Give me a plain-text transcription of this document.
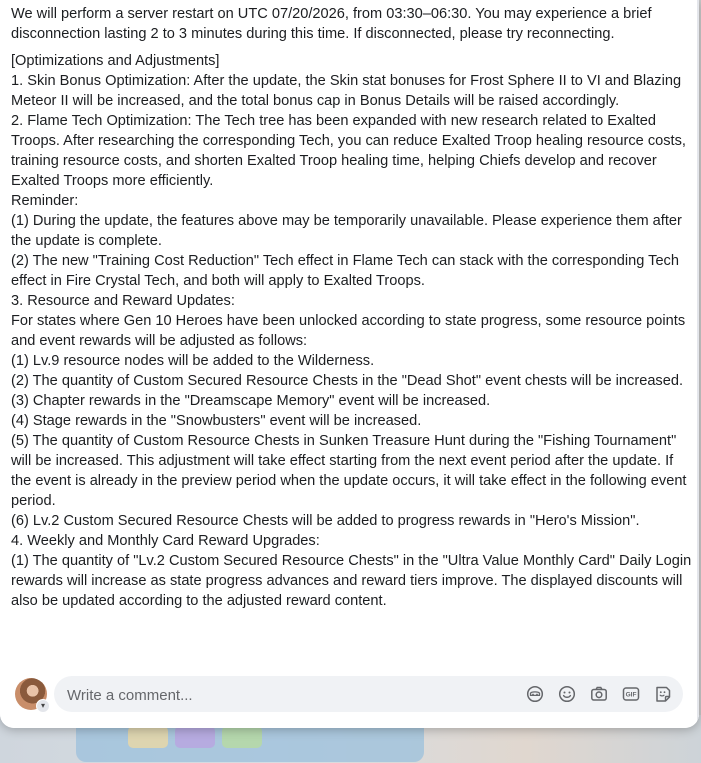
We will perform a server restart on UTC 07/20/2026, from 03:30–06:30. You may experience a brief disconnection lasting 2 to 3 minutes during this time. If disconnected, please try reconnecting.

[Optimizations and Adjustments]

1. Skin Bonus Optimization: After the update, the Skin stat bonuses for Frost Sphere II to VI and Blazing Meteor II will be increased, and the total bonus cap in Bonus Details will be raised accordingly.

2. Flame Tech Optimization: The Tech tree has been expanded with new research related to Exalted Troops. After researching the corresponding Tech, you can reduce Exalted Troop healing resource costs, training resource costs, and shorten Exalted Troop healing time, helping Chiefs develop and recover Exalted Troops more efficiently.

Reminder:

(1) During the update, the features above may be temporarily unavailable. Please experience them after the update is complete.

(2) The new "Training Cost Reduction" Tech effect in Flame Tech can stack with the corresponding Tech effect in Fire Crystal Tech, and both will apply to Exalted Troops.

3. Resource and Reward Updates:

For states where Gen 10 Heroes have been unlocked according to state progress, some resource points and event rewards will be adjusted as follows:

(1) Lv.9 resource nodes will be added to the Wilderness.

(2) The quantity of Custom Secured Resource Chests in the "Dead Shot" event chests will be increased.

(3) Chapter rewards in the "Dreamscape Memory" event will be increased.

(4) Stage rewards in the "Snowbusters" event will be increased.

(5) The quantity of Custom Resource Chests in Sunken Treasure Hunt during the "Fishing Tournament" will be increased. This adjustment will take effect starting from the next event period after the update. If the event is already in the preview period when the update occurs, it will take effect in the following event period.

(6) Lv.2 Custom Secured Resource Chests will be added to progress rewards in "Hero's Mission".

4. Weekly and Monthly Card Reward Upgrades:

(1) The quantity of "Lv.2 Custom Secured Resource Chests" in the "Ultra Value Monthly Card" Daily Login rewards will increase as state progress advances and reward tiers improve. The displayed discounts will also be updated according to the adjusted reward content.

▾
Write a comment...
GIF
